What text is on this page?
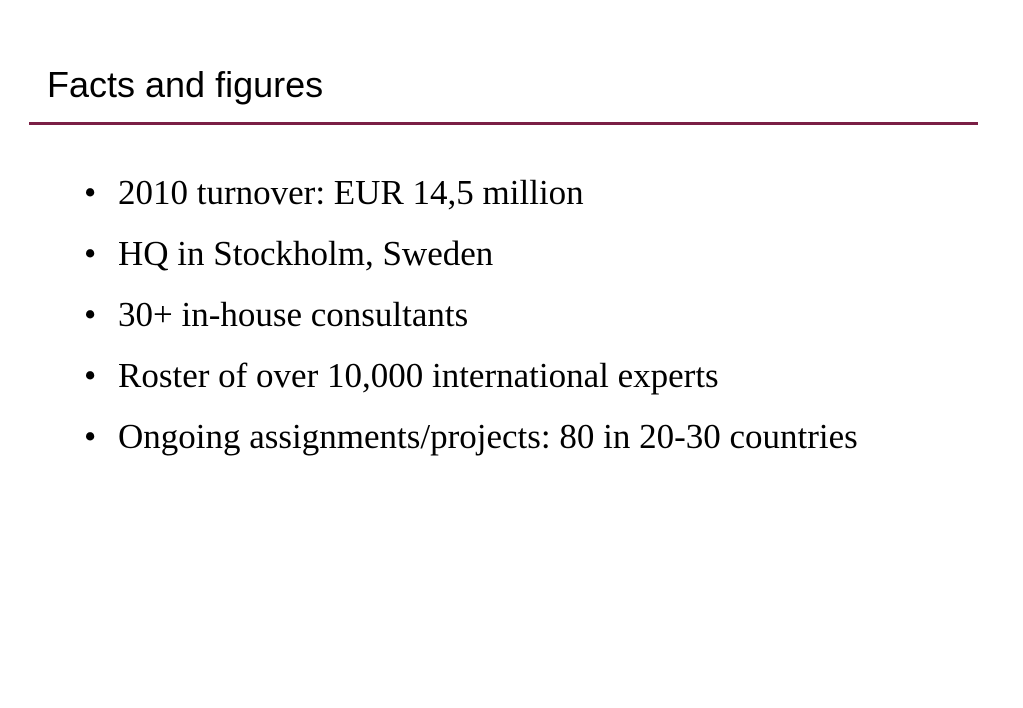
Facts and figures
• 2010 turnover: EUR 14,5 million
• HQ in Stockholm, Sweden
• 30+ in-house consultants
• Roster of over 10,000 international experts
• Ongoing assignments/projects: 80 in 20-30 countries
